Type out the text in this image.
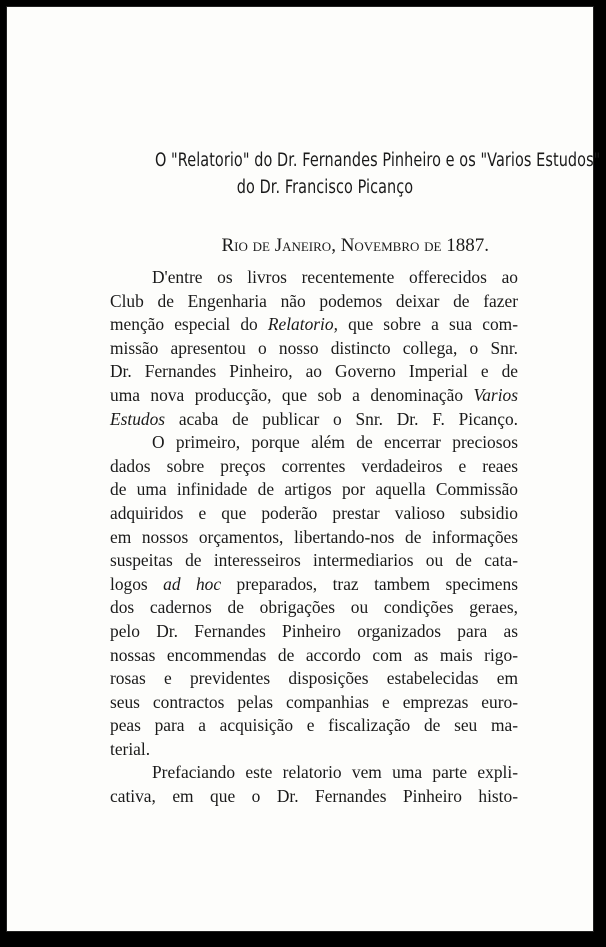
O "Relatorio" do Dr. Fernandes Pinheiro e os "Varios Estudos"
do Dr. Francisco Picanço
Rio de Janeiro, Novembro de 1887.
D'entre os livros recentemente offerecidos ao
Club de Engenharia não podemos deixar de fazer
menção especial do Relatorio, que sobre a sua com-
missão apresentou o nosso distincto collega, o Snr.
Dr. Fernandes Pinheiro, ao Governo Imperial e de
uma nova producção, que sob a denominação Varios
Estudos acaba de publicar o Snr. Dr. F. Picanço.
O primeiro, porque além de encerrar preciosos
dados sobre preços correntes verdadeiros e reaes
de uma infinidade de artigos por aquella Commissão
adquiridos e que poderão prestar valioso subsidio
em nossos orçamentos, libertando-nos de informações
suspeitas de interesseiros intermediarios ou de cata-
logos ad hoc preparados, traz tambem specimens
dos cadernos de obrigações ou condições geraes,
pelo Dr. Fernandes Pinheiro organizados para as
nossas encommendas de accordo com as mais rigo-
rosas e previdentes disposições estabelecidas em
seus contractos pelas companhias e emprezas euro-
peas para a acquisição e fiscalização de seu ma-
terial.
Prefaciando este relatorio vem uma parte expli-
cativa, em que o Dr. Fernandes Pinheiro histo-
